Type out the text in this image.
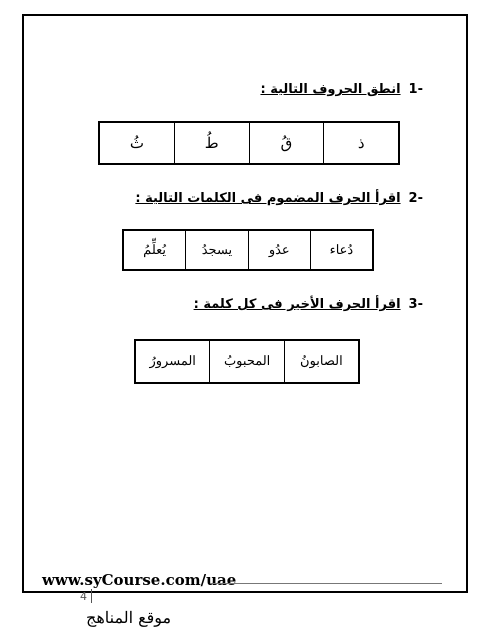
-1انطق الحروف التالية :
ذ	قُ	طُ	ثُ
-2اقرأ الحرف المضموم فى الكلمات التالية :
دُعاء	عدُو	يسجدُ	يُعلِّمُ
-3اقرأ الحرف الأخير فى كل كلمة :
الصابونُ	المحبوبُ	المسرورُ
www.syCourse.com/uae
4
موقع المناهج
